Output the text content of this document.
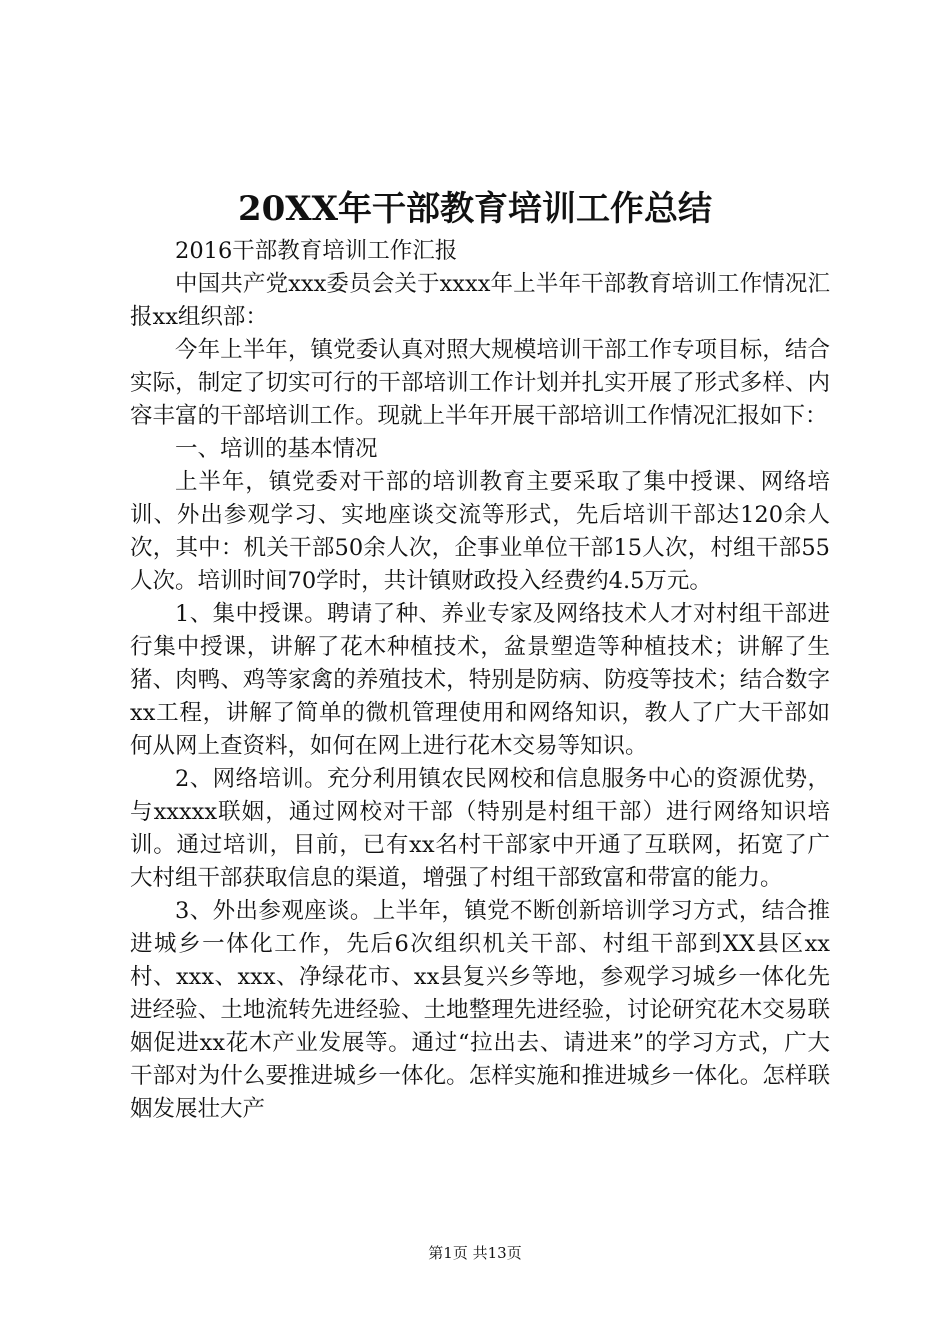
20XX年干部教育培训工作总结

2016干部教育培训工作汇报

中国共产党xxx委员会关于xxxx年上半年干部教育培训工作情况汇报xx组织部：

今年上半年，镇党委认真对照大规模培训干部工作专项目标，结合实际，制定了切实可行的干部培训工作计划并扎实开展了形式多样、内容丰富的干部培训工作。现就上半年开展干部培训工作情况汇报如下：

一、培训的基本情况

上半年，镇党委对干部的培训教育主要采取了集中授课、网络培训、外出参观学习、实地座谈交流等形式，先后培训干部达120余人次，其中：机关干部50余人次，企事业单位干部15人次，村组干部55人次。培训时间70学时，共计镇财政投入经费约4.5万元。

1、集中授课。聘请了种、养业专家及网络技术人才对村组干部进行集中授课，讲解了花木种植技术，盆景塑造等种植技术；讲解了生猪、肉鸭、鸡等家禽的养殖技术，特别是防病、防疫等技术；结合数字xx工程，讲解了简单的微机管理使用和网络知识，教人了广大干部如何从网上查资料，如何在网上进行花木交易等知识。

2、网络培训。充分利用镇农民网校和信息服务中心的资源优势，与xxxxx联姻，通过网校对干部（特别是村组干部）进行网络知识培训。通过培训，目前，已有xx名村干部家中开通了互联网，拓宽了广大村组干部获取信息的渠道，增强了村组干部致富和带富的能力。

3、外出参观座谈。上半年，镇党不断创新培训学习方式，结合推进城乡一体化工作，先后6次组织机关干部、村组干部到XX县区xx村、xxx、xxx、净绿花市、xx县复兴乡等地，参观学习城乡一体化先进经验、土地流转先进经验、土地整理先进经验，讨论研究花木交易联姻促进xx花木产业发展等。通过“拉出去、请进来”的学习方式，广大干部对为什么要推进城乡一体化。怎样实施和推进城乡一体化。怎样联姻发展壮大产

第1页 共13页
